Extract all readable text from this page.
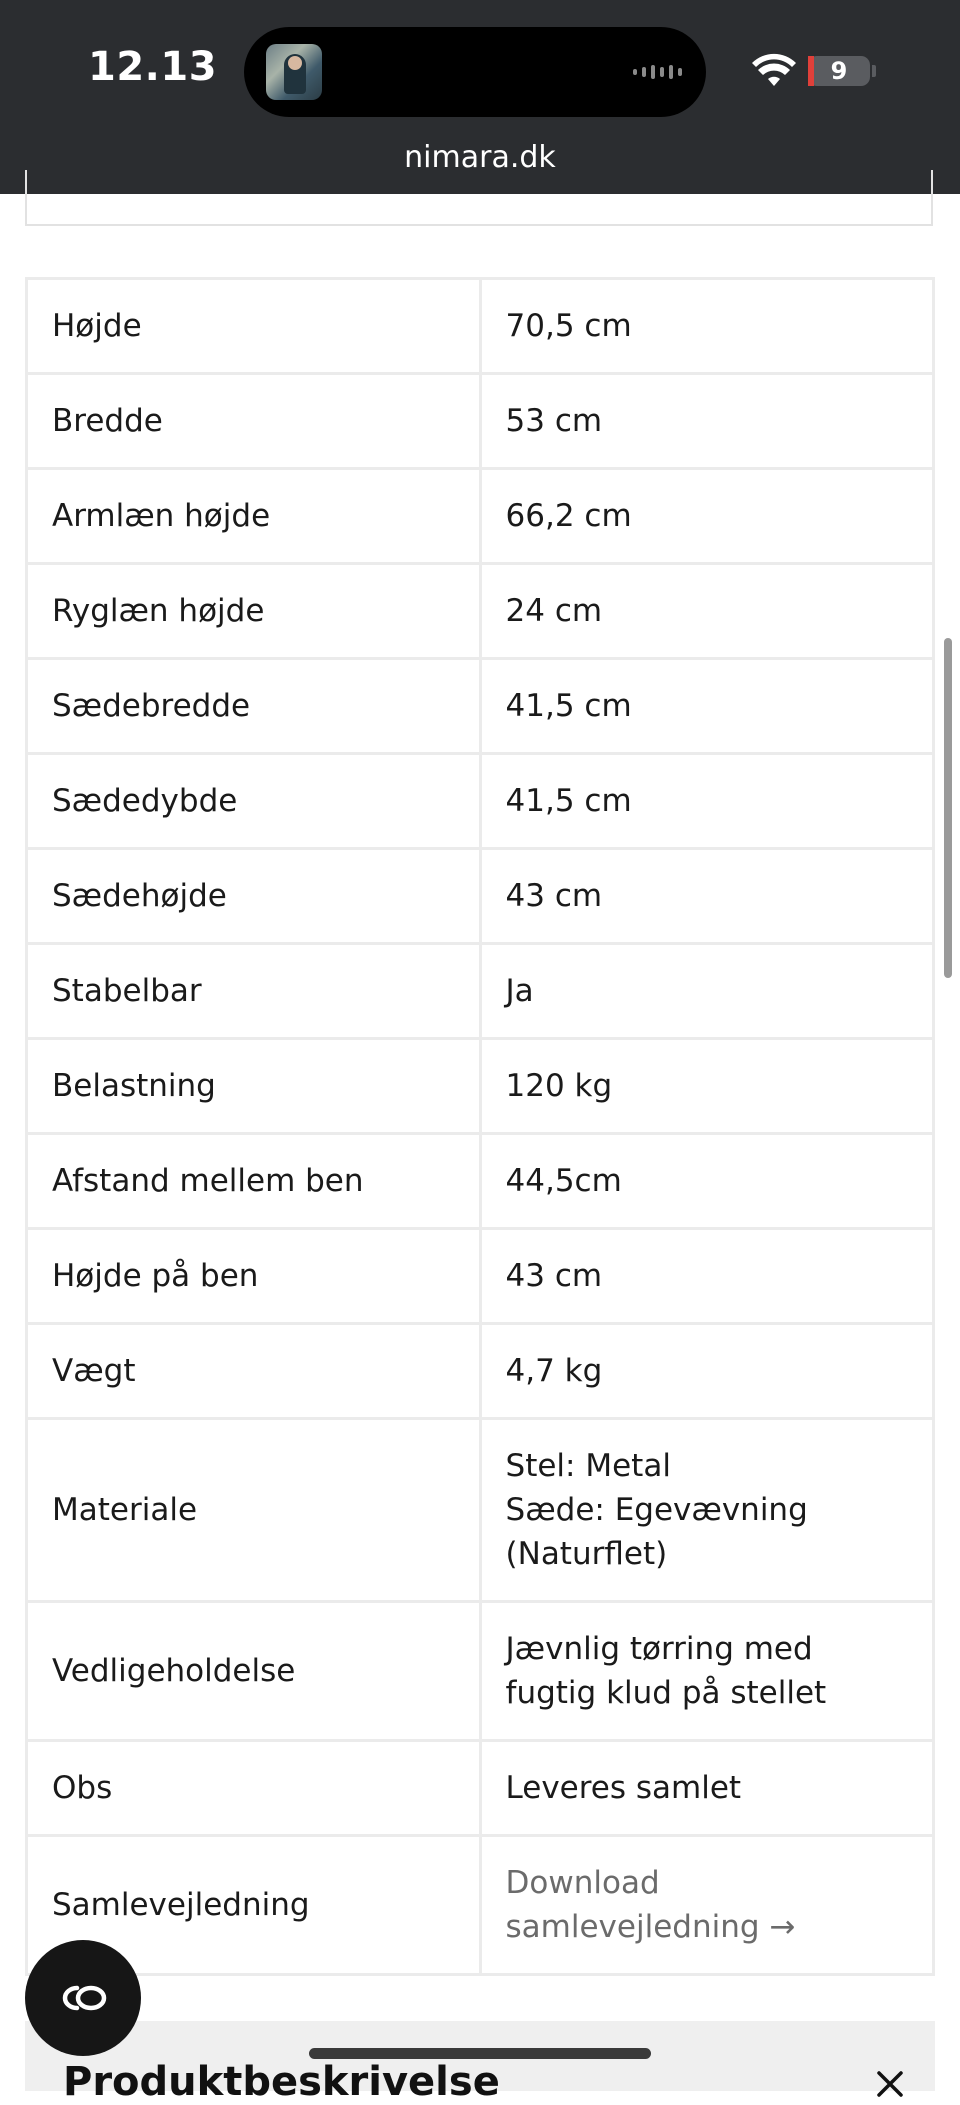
12.13	9
nimara.dk
Højde	70,5 cm

Bredde	53 cm

Armlæn højde	66,2 cm

Ryglæn højde	24 cm

Sædebredde	41,5 cm

Sædedybde	41,5 cm

Sædehøjde	43 cm

Stabelbar	Ja

Belastning	120 kg

Afstand mellem ben	44,5cm

Højde på ben	43 cm

Vægt	4,7 kg

Materiale	Stel: Metal
Sæde: Egevævning (Naturflet)

Vedligeholdelse	Jævnlig tørring med fugtig klud på stellet

Obs	Leveres samlet

Samlevejledning	Download samlevejledning →
Produktbeskrivelse
